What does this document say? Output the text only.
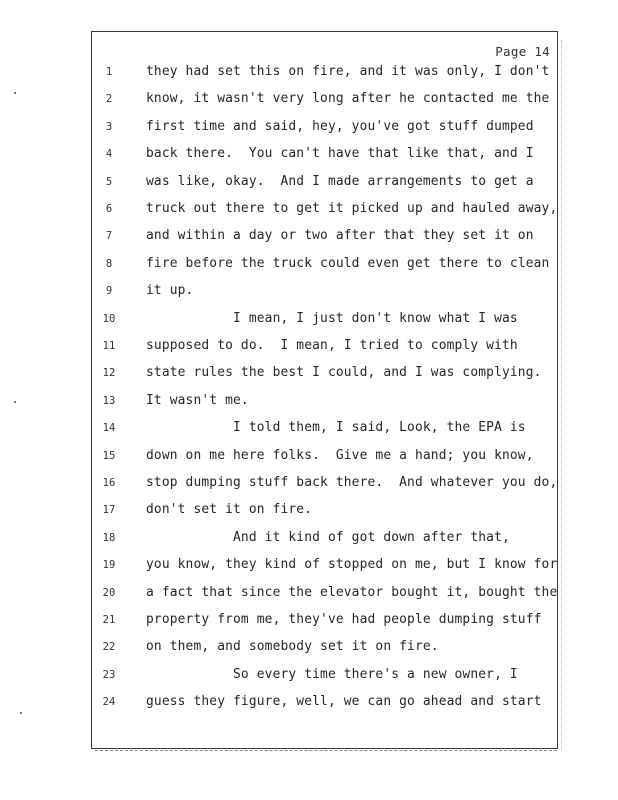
Page 14
1	they had set this on fire, and it was only, I don't
2	know, it wasn't very long after he contacted me the
3	first time and said, hey, you've got stuff dumped
4	back there.  You can't have that like that, and I
5	was like, okay.  And I made arrangements to get a
6	truck out there to get it picked up and hauled away,
7	and within a day or two after that they set it on
8	fire before the truck could even get there to clean
9	it up.
10	I mean, I just don't know what I was
11	supposed to do.  I mean, I tried to comply with
12	state rules the best I could, and I was complying.
13	It wasn't me.
14	I told them, I said, Look, the EPA is
15	down on me here folks.  Give me a hand; you know,
16	stop dumping stuff back there.  And whatever you do,
17	don't set it on fire.
18	And it kind of got down after that,
19	you know, they kind of stopped on me, but I know for
20	a fact that since the elevator bought it, bought the
21	property from me, they've had people dumping stuff
22	on them, and somebody set it on fire.
23	So every time there's a new owner, I
24	guess they figure, well, we can go ahead and start
